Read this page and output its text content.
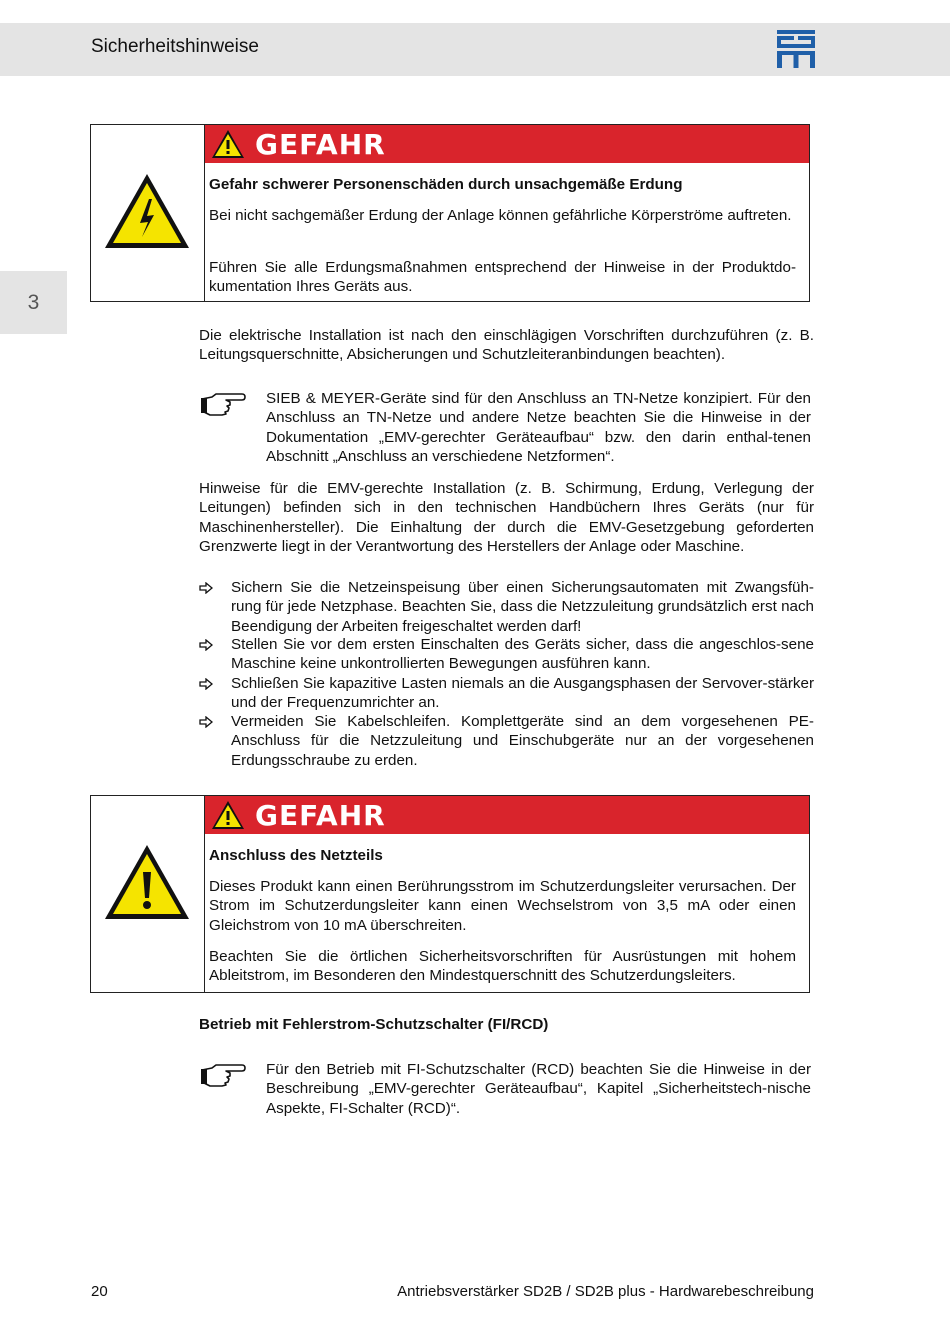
Sicherheitshinweise
3
GEFAHR
Gefahr schwerer Personenschäden durch unsachgemäße Erdung

Bei nicht sachgemäßer Erdung der Anlage können gefährliche Körperströme auftreten.

Führen Sie alle Erdungsmaßnahmen entsprechend der Hinweise in der Produktdo-kumentation Ihres Geräts aus.

Die elektrische Installation ist nach den einschlägigen Vorschriften durchzuführen (z. B. Leitungsquerschnitte, Absicherungen und Schutzleiteranbindungen beachten).

SIEB & MEYER-Geräte sind für den Anschluss an TN-Netze konzipiert. Für den Anschluss an TN-Netze und andere Netze beachten Sie die Hinweise in der Dokumentation „EMV-gerechter Geräteaufbau“ bzw. den darin enthal-tenen Abschnitt „Anschluss an verschiedene Netzformen“.

Hinweise für die EMV-gerechte Installation (z. B. Schirmung, Erdung, Verlegung der Leitungen) befinden sich in den technischen Handbüchern Ihres Geräts (nur für Maschinenhersteller). Die Einhaltung der durch die EMV-Gesetzgebung geforderten Grenzwerte liegt in der Verantwortung des Herstellers der Anlage oder Maschine.

Sichern Sie die Netzeinspeisung über einen Sicherungsautomaten mit Zwangsfüh-rung für jede Netzphase. Beachten Sie, dass die Netzzuleitung grundsätzlich erst nach Beendigung der Arbeiten freigeschaltet werden darf!

Stellen Sie vor dem ersten Einschalten des Geräts sicher, dass die angeschlos-sene Maschine keine unkontrollierten Bewegungen ausführen kann.

Schließen Sie kapazitive Lasten niemals an die Ausgangsphasen der Servover-stärker und der Frequenzumrichter an.

Vermeiden Sie Kabelschleifen. Komplettgeräte sind an dem vorgesehenen PE-Anschluss für die Netzzuleitung und Einschubgeräte nur an der vorgesehenen Erdungsschraube zu erden.

GEFAHR
Anschluss des Netzteils

Dieses Produkt kann einen Berührungsstrom im Schutzerdungsleiter verursachen. Der Strom im Schutzerdungsleiter kann einen Wechselstrom von 3,5 mA oder einen Gleichstrom von 10 mA überschreiten.

Beachten Sie die örtlichen Sicherheitsvorschriften für Ausrüstungen mit hohem Ableitstrom, im Besonderen den Mindestquerschnitt des Schutzerdungsleiters.

Betrieb mit Fehlerstrom-Schutzschalter (FI/RCD)

Für den Betrieb mit FI-Schutzschalter (RCD) beachten Sie die Hinweise in der Beschreibung „EMV-gerechter Geräteaufbau“, Kapitel „Sicherheitstech-nische Aspekte, FI-Schalter (RCD)“.

20	Antriebsverstärker SD2B / SD2B plus - Hardwarebeschreibung
